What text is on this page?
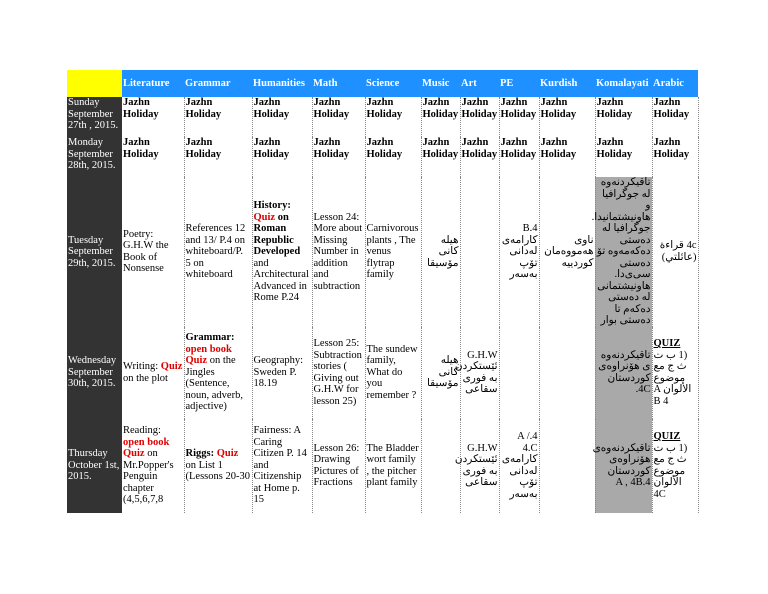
	Literature	Grammar	Humanities	Math	Science	Music	Art	PE	Kurdish	Komalayati	Arabic
Sunday September 27th , 2015.	Jazhn Holiday	Jazhn Holiday	Jazhn Holiday	Jazhn Holiday	Jazhn Holiday	Jazhn Holiday	Jazhn Holiday	Jazhn Holiday	Jazhn Holiday	Jazhn Holiday	Jazhn Holiday
Monday September 28th, 2015.	Jazhn Holiday	Jazhn Holiday	Jazhn Holiday	Jazhn Holiday	Jazhn Holiday	Jazhn Holiday	Jazhn Holiday	Jazhn Holiday	Jazhn Holiday	Jazhn Holiday	Jazhn Holiday
Tuesday September 29th, 2015.	Poetry: G.H.W the Book of Nonsense	References 12 and 13/ P.4 on whiteboard/P. 5 on whiteboard	History: Quiz on Roman Republic Developed and Architectural Advanced in Rome P.24	Lesson 24: More about Missing Number in addition and subtraction	Carnivorous plants , The venus flytrap family	هیلە کانی مۆسیقا		4.B کارامەی لەدانی تۆپ بەسەر	ناوی هەمووەمان کوردییە	تاقیکردنەوە لە جوگرافیا و هاونیشتمانیدا. جوگرافیا لە دەستی دەکەمەوە تۆ دەستی سی‌ی‌دا. هاونیشتمانی لە دەستی دەکەم تا دەستی بوار	4c قراءة (عائلتي)
Wednesday September 30th, 2015.	Writing: Quiz on the plot	Grammar: open book Quiz on the Jingles (Sentence, noun, adverb, adjective)	Geography: Sweden P. 18.19	Lesson 25: Subtraction stories ( Giving out G.H.W for lesson 25)	The sundew family, What do you remember ?	هیلە کانی مۆسیقا	G.H.W ئێستکردن بە فوری سقاعی			تاقیکردنەوە ی هۆنراوەی کوردستان 4C.	QUIZ
(1 ب ت ث ج مع موضوع الألوان A B 4

Thursday October 1st, 2015.	Reading: open book Quiz on Mr.Popper's Penguin chapter (4,5,6,7,8	Riggs: Quiz on List 1 (Lessons 20-30	Fairness: A Caring Citizen P. 14 and Citizenship at Home p. 15	Lesson 26: Drawing Pictures of Fractions	The Bladder wort family , the pitcher plant family		G.H.W ئێستکردن بە فوری سقاعی	4.A / 4.C کارامەی لەدانی تۆپ بەسەر		تاقیکردنەوەی هۆنراوەی کوردستان 4.A , 4B	QUIZ
(1 ب ت ث ج مع موضوع الألوان 4C
